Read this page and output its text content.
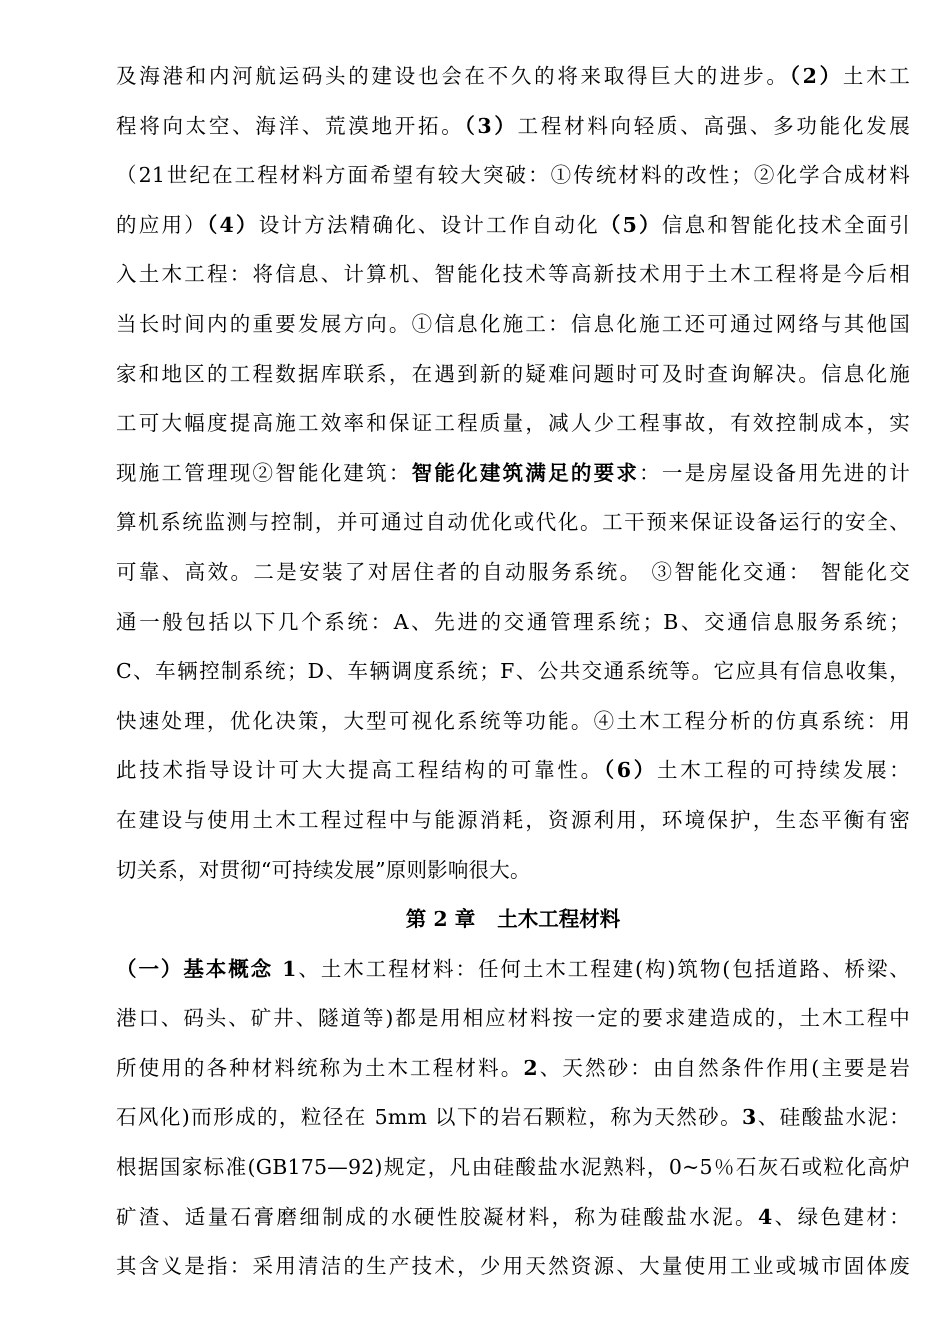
及海港和内河航运码头的建设也会在不久的将来取得巨大的进步。（2）土木工
程将向太空、海洋、荒漠地开拓。（3）工程材料向轻质、高强、多功能化发展
（21世纪在工程材料方面希望有较大突破：①传统材料的改性；②化学合成材料
的应用）（4）设计方法精确化、设计工作自动化（5）信息和智能化技术全面引
入土木工程：将信息、计算机、智能化技术等高新技术用于土木工程将是今后相
当长时间内的重要发展方向。①信息化施工：信息化施工还可通过网络与其他国
家和地区的工程数据库联系，在遇到新的疑难问题时可及时查询解决。信息化施
工可大幅度提高施工效率和保证工程质量，减人少工程事故，有效控制成本，实
现施工管理现②智能化建筑：智能化建筑满足的要求：一是房屋设备用先进的计
算机系统监测与控制，并可通过自动优化或代化。工干预来保证设备运行的安全、
可靠、高效。二是安装了对居住者的自动服务系统。 ③智能化交通： 智能化交
通一般包括以下几个系统：A、先进的交通管理系统；B、交通信息服务系统；
C、车辆控制系统；D、车辆调度系统；F、公共交通系统等。它应具有信息收集，
快速处理，优化决策，大型可视化系统等功能。④土木工程分析的仿真系统：用
此技术指导设计可大大提高工程结构的可靠性。（6）土木工程的可持续发展：
在建设与使用土木工程过程中与能源消耗，资源利用，环境保护，生态平衡有密
切关系，对贯彻“可持续发展”原则影响很大。
第 2 章 土木工程材料
（一）基本概念 1、土木工程材料：任何土木工程建(构)筑物(包括道路、桥梁、
港口、码头、矿井、隧道等)都是用相应材料按一定的要求建造成的，土木工程中
所使用的各种材料统称为土木工程材料。2、天然砂：由自然条件作用(主要是岩
石风化)而形成的，粒径在 5mm 以下的岩石颗粒，称为天然砂。3、硅酸盐水泥：
根据国家标准(GB175—92)规定，凡由硅酸盐水泥熟料，0~5％石灰石或粒化高炉
矿渣、适量石膏磨细制成的水硬性胶凝材料，称为硅酸盐水泥。4、绿色建材：
其含义是指：采用清洁的生产技术，少用天然资源、大量使用工业或城市固体废
